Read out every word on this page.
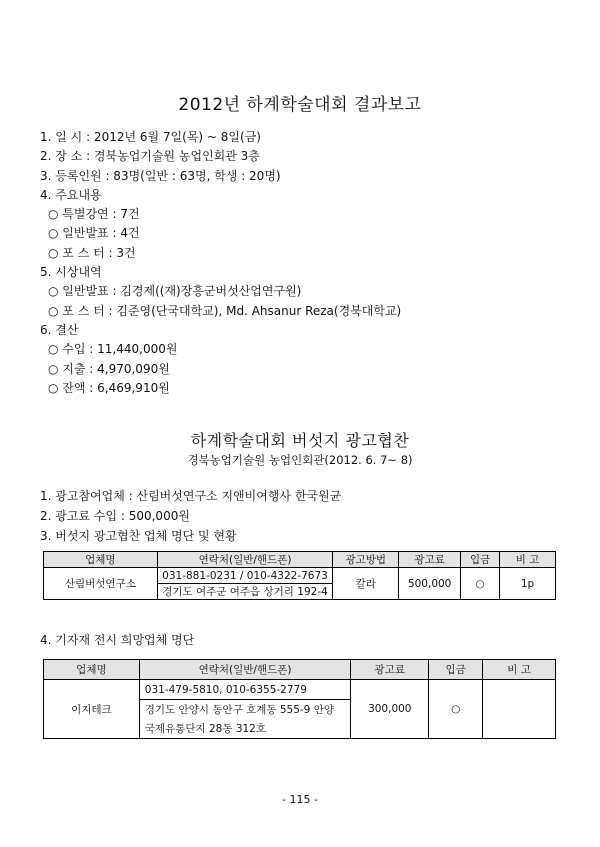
2012년 하계학술대회 결과보고
1. 일 시 : 2012년 6월 7일(목) ~ 8일(금)
2. 장 소 : 경북농업기술원 농업인회관 3층
3. 등록인원 : 83명(일반 : 63명, 학생 : 20명)
4. 주요내용
○ 특별강연 : 7건
○ 일반발표 : 4건
○ 포 스 터 : 3건
5. 시상내역
○ 일반발표 : 김경제((재)장흥군버섯산업연구원)
○ 포 스 터 : 김준영(단국대학교), Md. Ahsanur Reza(경북대학교)
6. 결산
○ 수입 : 11,440,000원
○ 지출 : 4,970,090원
○ 잔액 : 6,469,910원
하계학술대회 버섯지 광고협찬
경북농업기술원 농업인회관(2012. 6. 7~ 8)
1. 광고참여업체 : 산림버섯연구소 지앤비여행사 한국원균
2. 광고료 수입 : 500,000원
3. 버섯지 광고협찬 업체 명단 및 현황
업체명	연락처(일반/핸드폰)	광고방법	광고료	입금	비 고
산림버섯연구소	031-881-0231 / 010-4322-7673	칼라	500,000	○	1p
	경기도 여주군 여주읍 상거리 192-4				
4. 기자재 전시 희망업체 명단
업체명	연락처(일반/핸드폰)	광고료	입금	비 고
이지테크	031-479-5810, 010-6355-2779	300,000	○	
	경기도 안양시 동안구 호계동 555-9 안양			
	국제유통단지 28동 312호			
- 115 -
